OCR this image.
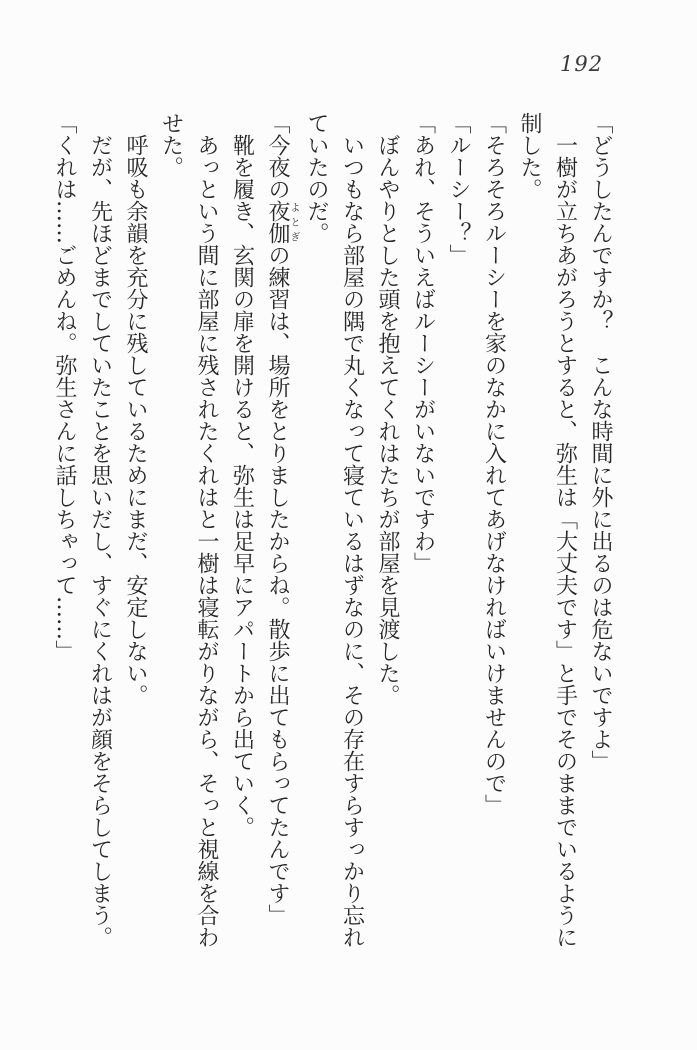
192

「どうしたんですか？　こんな時間に外に出るのは危ないですよ」

一樹が立ちあがろうとすると、弥生は「大丈夫です」と手でそのままでいるように

制した。

「そろそろルーシーを家のなかに入れてあげなければいけませんので」

「ルーシー？」

「あれ、そういえばルーシーがいないですわ」

ぼんやりとした頭を抱えてくれはたちが部屋を見渡した。

いつもなら部屋の隅で丸くなって寝ているはずなのに、その存在すらすっかり忘れ

ていたのだ。

「今夜の夜伽よとぎの練習は、場所をとりましたからね。散歩に出てもらってたんです」

靴を履き、玄関の扉を開けると、弥生は足早にアパートから出ていく。

あっという間に部屋に残されたくれはと一樹は寝転がりながら、そっと視線を合わ

せた。

呼吸も余韻を充分に残しているためにまだ、安定しない。

だが、先ほどまでしていたことを思いだし、すぐにくれはが顔をそらしてしまう。

「くれは……ごめんね。弥生さんに話しちゃって……」
